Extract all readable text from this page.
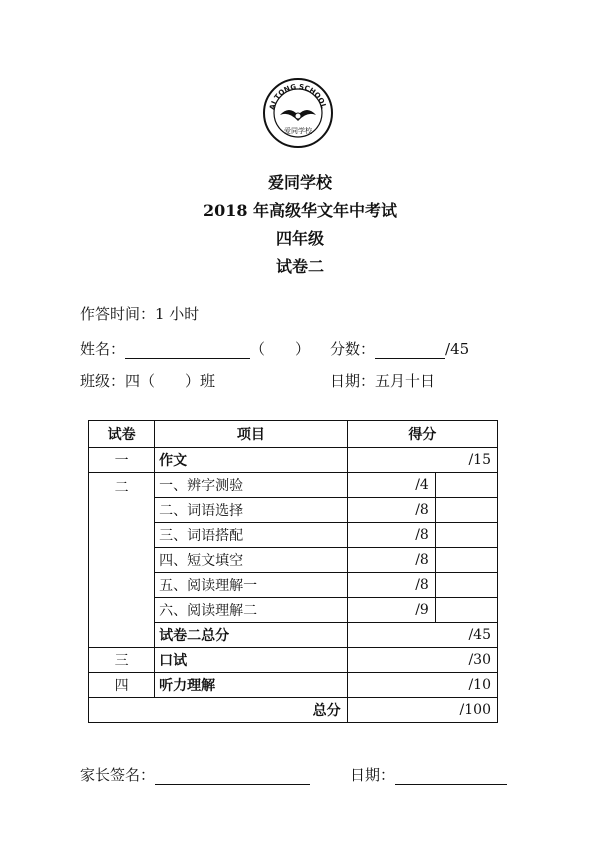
AI TONG SCHOOL
爱同学校
爱同学校
2018 年高级华文年中考试
四年级
试卷二
作答时间：1 小时
姓名：	（　　） 分数：	/45
班级：四（　　）班	日期：五月十日
试卷	项目	得分	
一	作文	/15	
二	一、辨字测验	/4	
	二、词语选择	/8	
	三、词语搭配	/8	
	四、短文填空	/8	
	五、阅读理解一	/8	
	六、阅读理解二	/9	
	试卷二总分	/45	
三	口试	/30	
四	听力理解	/10	
总分		/100	
家长签名：	日期：
